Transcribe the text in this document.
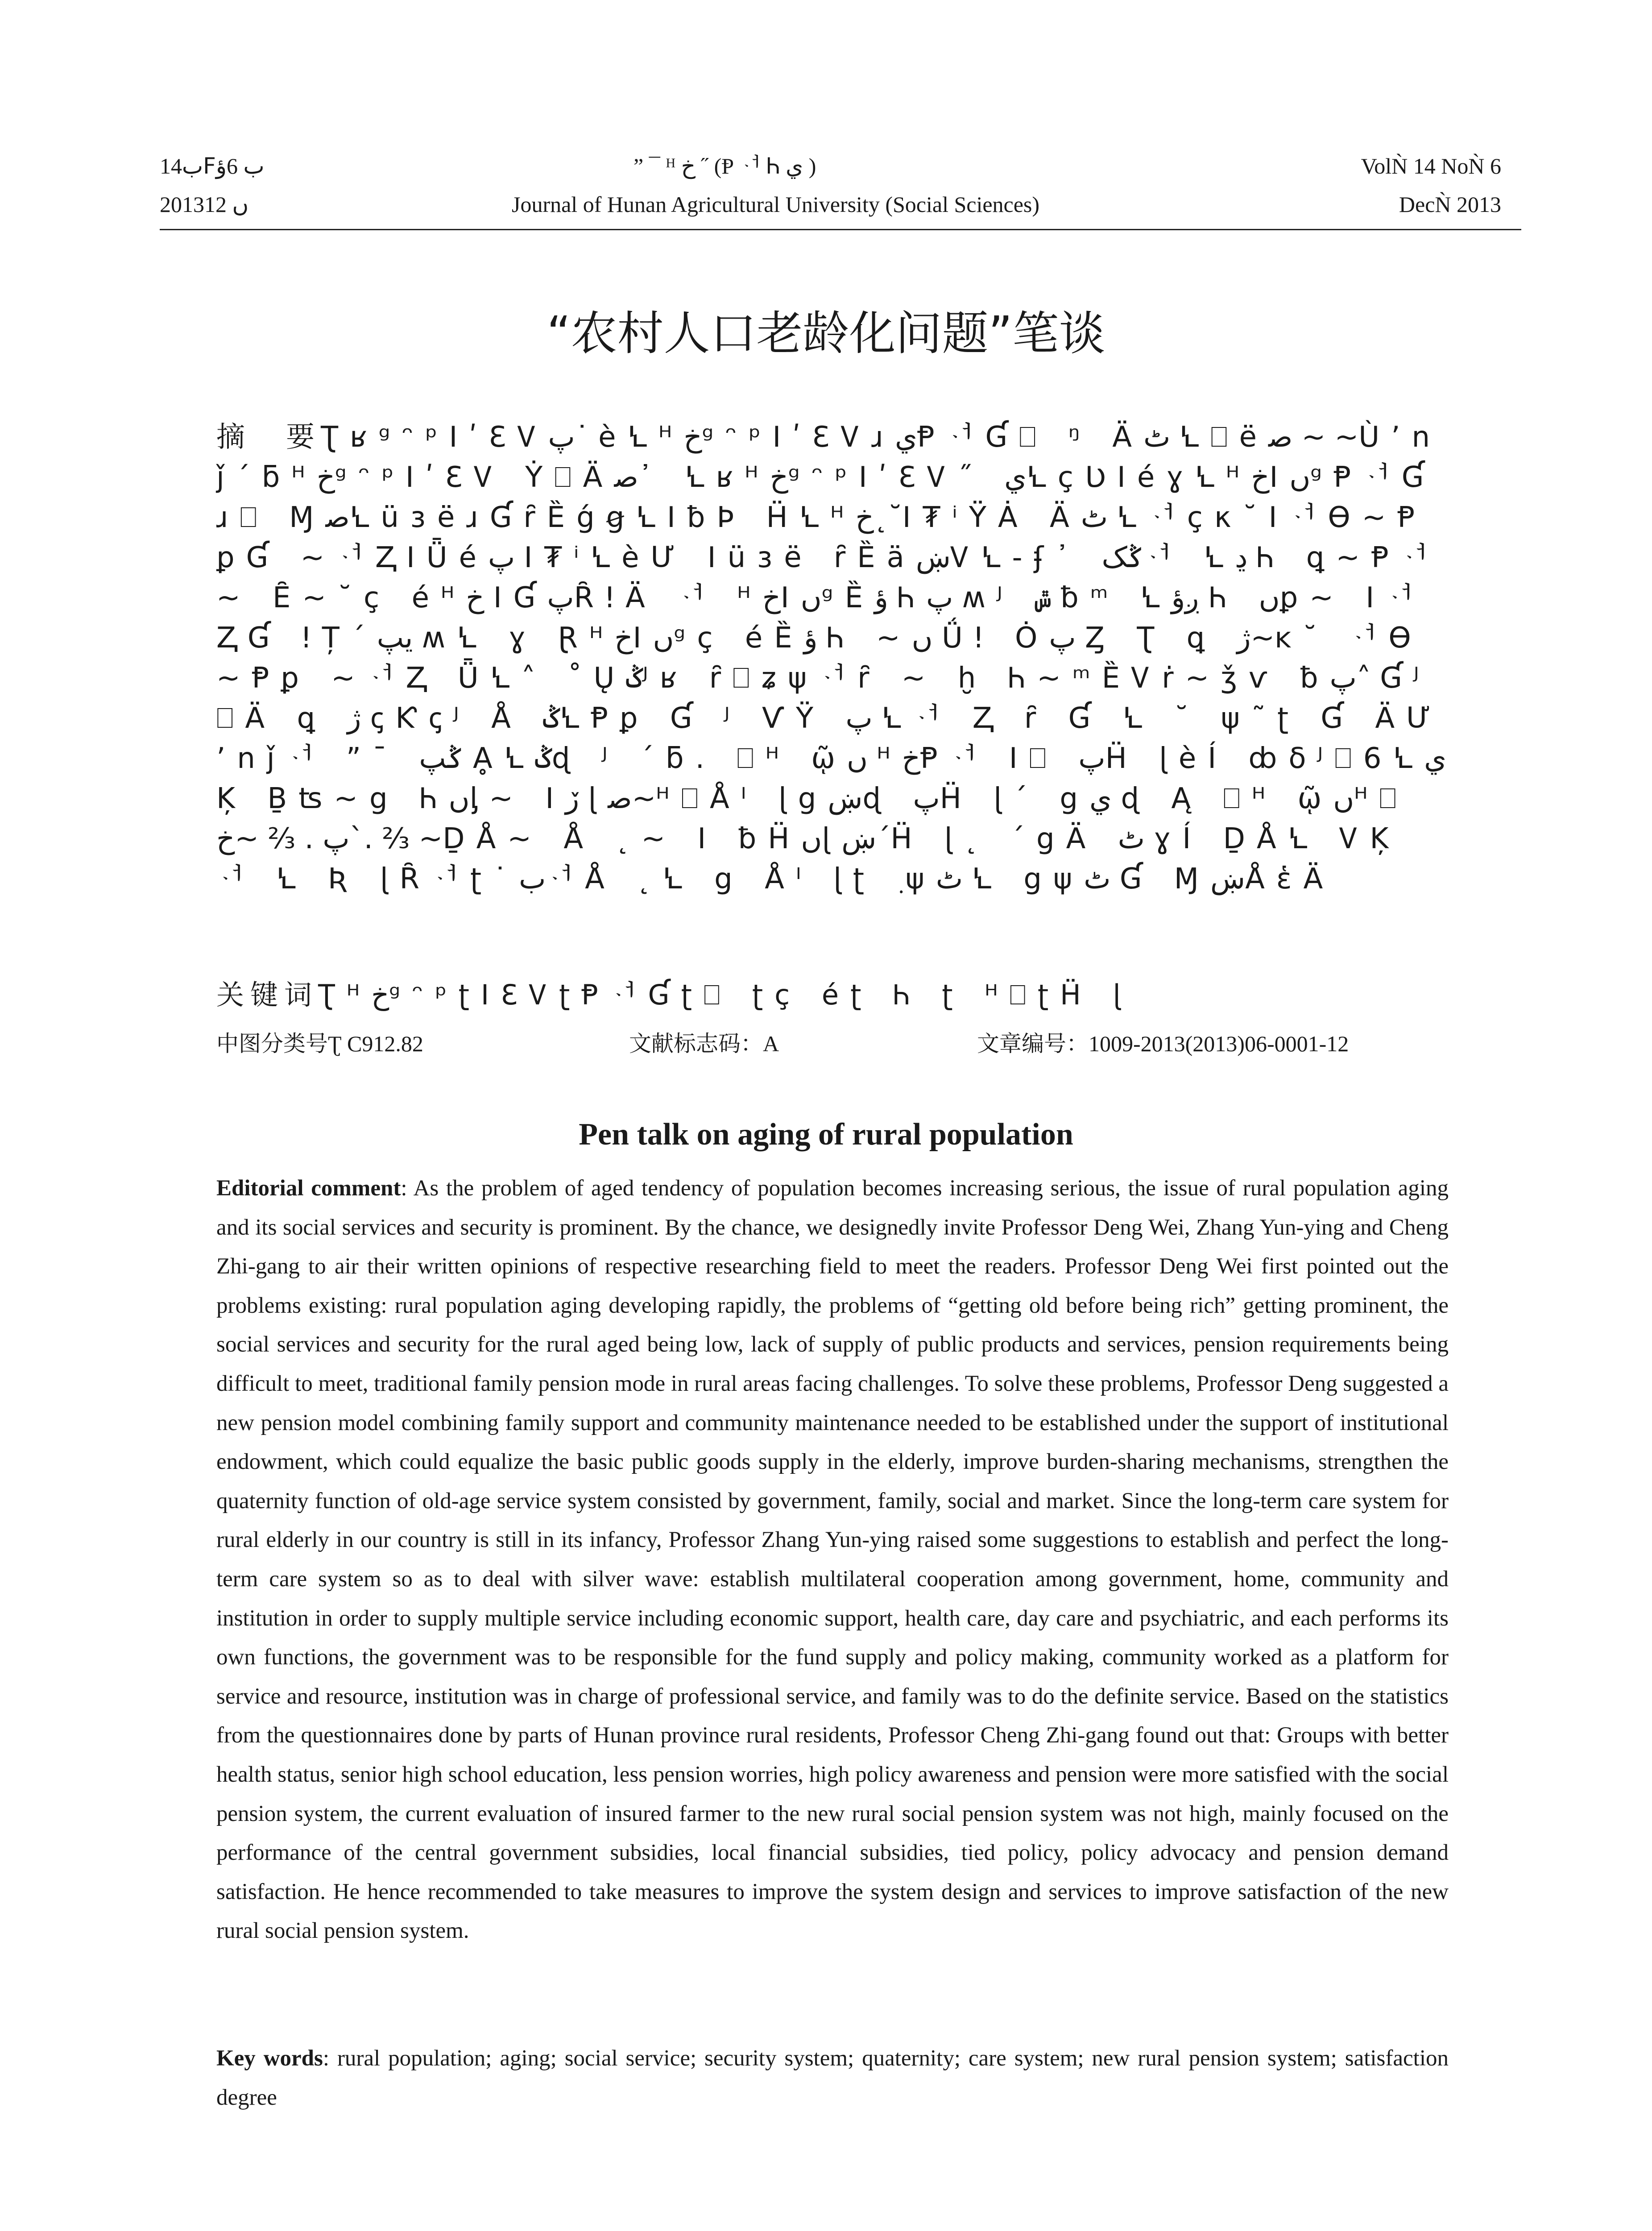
ب14ꓝب 6ؤ	” ¯ ᴴ خ ˝ (Ᵽ ᆟ Ꮒ ي )	VolǸ 14 NoǸ 6
2013ں 12	Journal of Hunan Agricultural University (Social Sciences)	DecǸ 2013
“农村人口老龄化问题”笔谈
摘　要ƮʁᵍᵔᵖⵏʹƐᏙپ˙ èꝆᴴخᵍᵔᵖⵏʹƐᏙɹيⱣᆟƓ⎕ ᵑ Äٹ Ꝇ⎕ëﺻ ~ ~ÙʼnǰˊƃᴴخᵍᵔᵖⵏʹƐᏙ Ẏ⎕Äﺻ᾽ ꝆʁᴴخᵍᵔᵖⵏʹƐᏙ˝ يꝆçƲⵏéɣꝆᴴخⵏںᵍⱣᆟƓɹ⎕ ⱮﺻꝆüɜëɹƓȓȄǵꞡꝆⵏƀÞ ḦꝆᴴخ˛˘ⵏ₮ⁱŸȦ Äٹ Ꝇᆟçκ˘ⵏᆟƟ~ⱣꝑƓ ~ᆟⱫⵏǕéپ ⵏ₮ⁱꝆèƯ ⵏüɜë ȓȄäښᏙꝆ-ʄ᾽ ݣکᆟ Ꝇڍ Ꮒ ꝗ~Ᵽᆟ~ Ȇ~˘ç éᴴخ ⵏƓپȒǃÄ ᆟ ᴴخⵏںᵍȄؤ Ꮒپ ʍᴶ ݜ ƀᵐ Ꝇږؤ Ꮒ ںꝑ~ ⵏᆟⱫƓ ǃȚˊيپ ʍꝆ ɣ Ɽᴴخⵏںᵍç éȄؤ Ꮒ ~ں Ǘǃ Ȯپ Ȥ Ʈ ꝗ ژ~ĸ˘ ᆟƟ~Ᵽꝑ ~ᆟⱫ ǕꝆ˄ ˚Ųݣᴶʁ ȓ⎕ʑψᆟȓ ~ ḫ Ꮒ~ᵐȄᏙṙ~ǯѵ ƀپ˄ Ɠᴶ⎕Ä ꝗ ژ ꞔƘꞔᴶ Å ݣꝆⱣꝑ Ɠ ᴶ ѴŸ پ Ꝇᆟ Ⱬ ȓ Ɠ Ꝇ ˘ ψ˜ʈ Ɠ ÄƯʼnǰᆟ ”¯ ݣپ ḀꝆݣɖ ᴶ ˊƃ. ⎕ᴴ ῷں ᴴخⱣᆟ ⵏ⎕ پḦ ɭèÍ ȸδᴶ⎕6ꝆيĶ Ḇʦ~g Ꮒںᶅ~ ⵏڒ ɭﺻ~ᴴ⎕Åᴵ ɭgښɖ پḦ ɭˊ gي ɖ Ą ⎕ᴴ ῷںᴴ⎕ پ . ⅔ ~خˋ. ⅔ ~ḎÅ~ Å ˛~ ⵏ ƀḦںɭښˊḦ ɭ˛ ˊgÄ ٹ ɣÍ ḎÅꝆ ᏙĶ ᆟ Ꝇ Ʀ ɭȒᆟʈ˙بᆟÅ ˛Ꝇ g Åᴵ ɭʈ ٜ ψٹ Ꝇ gψٹ Ɠ ⱮښÅἑÄ
关键词ƮᴴخᵍᵔᵖʈⵏƐᏙʈⱣᆟƓʈ⎕ ʈç éʈ Ꮒ ʈ ᴴ⎕ʈḦ ɭ
中图分类号Ʈ C912.82	文献标志码：A	文章编号：1009-2013(2013)06-0001-12
Pen talk on aging of rural population
Editorial comment: As the problem of aged tendency of population becomes increasing serious, the issue of rural population aging and its social services and security is prominent. By the chance, we designedly invite Professor Deng Wei, Zhang Yun-ying and Cheng Zhi-gang to air their written opinions of respective researching field to meet the readers. Professor Deng Wei first pointed out the problems existing: rural population aging developing rapidly, the problems of “getting old before being rich” getting prominent, the social services and security for the rural aged being low, lack of supply of public products and services, pension requirements being difficult to meet, traditional family pension mode in rural areas facing challenges. To solve these problems, Professor Deng suggested a new pension model combining family support and community maintenance needed to be established under the support of institutional endowment, which could equalize the basic public goods supply in the elderly, improve burden-sharing mechanisms, strengthen the quaternity function of old-age service system consisted by government, family, social and market. Since the long-term care system for rural elderly in our country is still in its infancy, Professor Zhang Yun-ying raised some suggestions to establish and perfect the long-term care system so as to deal with silver wave: establish multilateral cooperation among government, home, community and institution in order to supply multiple service including economic support, health care, day care and psychiatric, and each performs its own functions, the government was to be responsible for the fund supply and policy making, community worked as a platform for service and resource, institution was in charge of professional service, and family was to do the definite service. Based on the statistics from the questionnaires done by parts of Hunan province rural residents, Professor Cheng Zhi-gang found out that: Groups with better health status, senior high school education, less pension worries, high policy awareness and pension were more satisfied with the social pension system, the current evaluation of insured farmer to the new rural social pension system was not high, mainly focused on the performance of the central government subsidies, local financial subsidies, tied policy, policy advocacy and pension demand satisfaction. He hence recommended to take measures to improve the system design and services to improve satisfaction of the new rural social pension system.
Key words: rural population; aging; social service; security system; quaternity; care system; new rural pension system; satisfaction degree
